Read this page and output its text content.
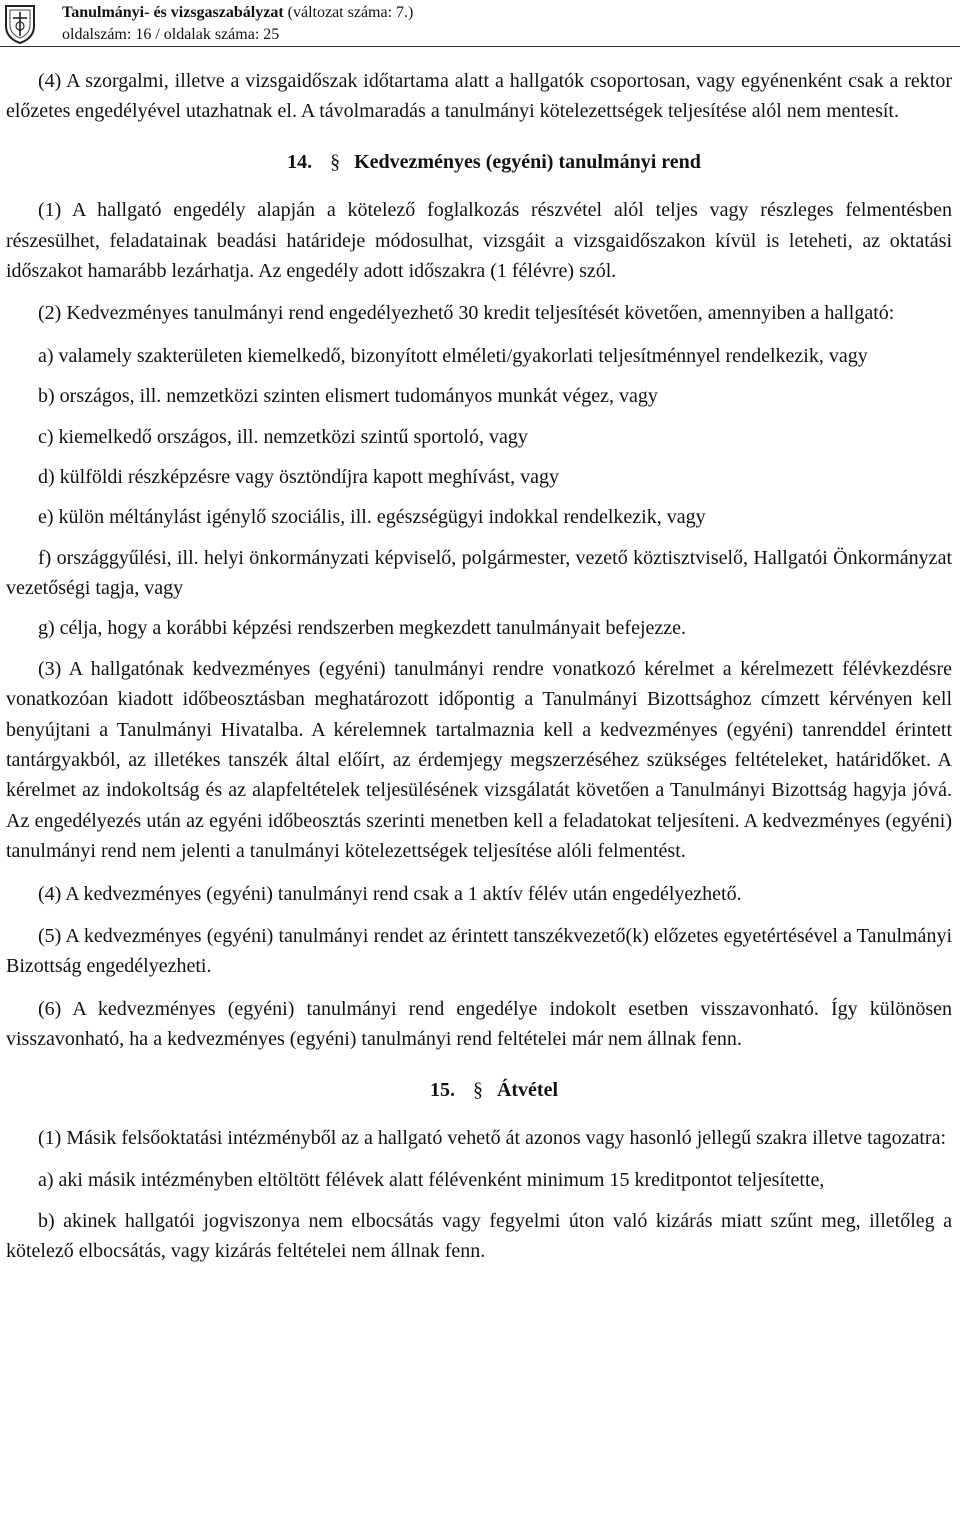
Tanulmányi- és vizsgaszabályzat (változat száma: 7.)
oldalszám: 16 / oldalak száma: 25

(4) A szorgalmi, illetve a vizsgaidőszak időtartama alatt a hallgatók csoportosan, vagy egyénenként csak a rektor előzetes engedélyével utazhatnak el. A távolmaradás a tanulmányi kötelezettségek teljesítése alól nem mentesít.

14. § Kedvezményes (egyéni) tanulmányi rend

(1) A hallgató engedély alapján a kötelező foglalkozás részvétel alól teljes vagy részleges felmentésben részesülhet, feladatainak beadási határideje módosulhat, vizsgáit a vizsgaidőszakon kívül is leteheti, az oktatási időszakot hamarább lezárhatja. Az engedély adott időszakra (1 félévre) szól.

(2) Kedvezményes tanulmányi rend engedélyezhető 30 kredit teljesítését követően, amennyiben a hallgató:

a) valamely szakterületen kiemelkedő, bizonyított elméleti/gyakorlati teljesítménnyel rendelkezik, vagy

b) országos, ill. nemzetközi szinten elismert tudományos munkát végez, vagy

c) kiemelkedő országos, ill. nemzetközi szintű sportoló, vagy

d) külföldi részképzésre vagy ösztöndíjra kapott meghívást, vagy

e) külön méltánylást igénylő szociális, ill. egészségügyi indokkal rendelkezik, vagy

f) országgyűlési, ill. helyi önkormányzati képviselő, polgármester, vezető köztisztviselő, Hallgatói Önkormányzat vezetőségi tagja, vagy

g) célja, hogy a korábbi képzési rendszerben megkezdett tanulmányait befejezze.

(3) A hallgatónak kedvezményes (egyéni) tanulmányi rendre vonatkozó kérelmet a kérelmezett félévkezdésre vonatkozóan kiadott időbeosztásban meghatározott időpontig a Tanulmányi Bizottsághoz címzett kérvényen kell benyújtani a Tanulmányi Hivatalba. A kérelemnek tartalmaznia kell a kedvezményes (egyéni) tanrenddel érintett tantárgyakból, az illetékes tanszék által előírt, az érdemjegy megszerzéséhez szükséges feltételeket, határidőket. A kérelmet az indokoltság és az alapfeltételek teljesülésének vizsgálatát követően a Tanulmányi Bizottság hagyja jóvá. Az engedélyezés után az egyéni időbeosztás szerinti menetben kell a feladatokat teljesíteni. A kedvezményes (egyéni) tanulmányi rend nem jelenti a tanulmányi kötelezettségek teljesítése alóli felmentést.

(4) A kedvezményes (egyéni) tanulmányi rend csak a 1 aktív félév után engedélyezhető.

(5) A kedvezményes (egyéni) tanulmányi rendet az érintett tanszékvezető(k) előzetes egyetértésével a Tanulmányi Bizottság engedélyezheti.

(6) A kedvezményes (egyéni) tanulmányi rend engedélye indokolt esetben visszavonható. Így különösen visszavonható, ha a kedvezményes (egyéni) tanulmányi rend feltételei már nem állnak fenn.

15. § Átvétel

(1) Másik felsőoktatási intézményből az a hallgató vehető át azonos vagy hasonló jellegű szakra illetve tagozatra:

a) aki másik intézményben eltöltött félévek alatt félévenként minimum 15 kreditpontot teljesítette,

b) akinek hallgatói jogviszonya nem elbocsátás vagy fegyelmi úton való kizárás miatt szűnt meg, illetőleg a kötelező elbocsátás, vagy kizárás feltételei nem állnak fenn.
